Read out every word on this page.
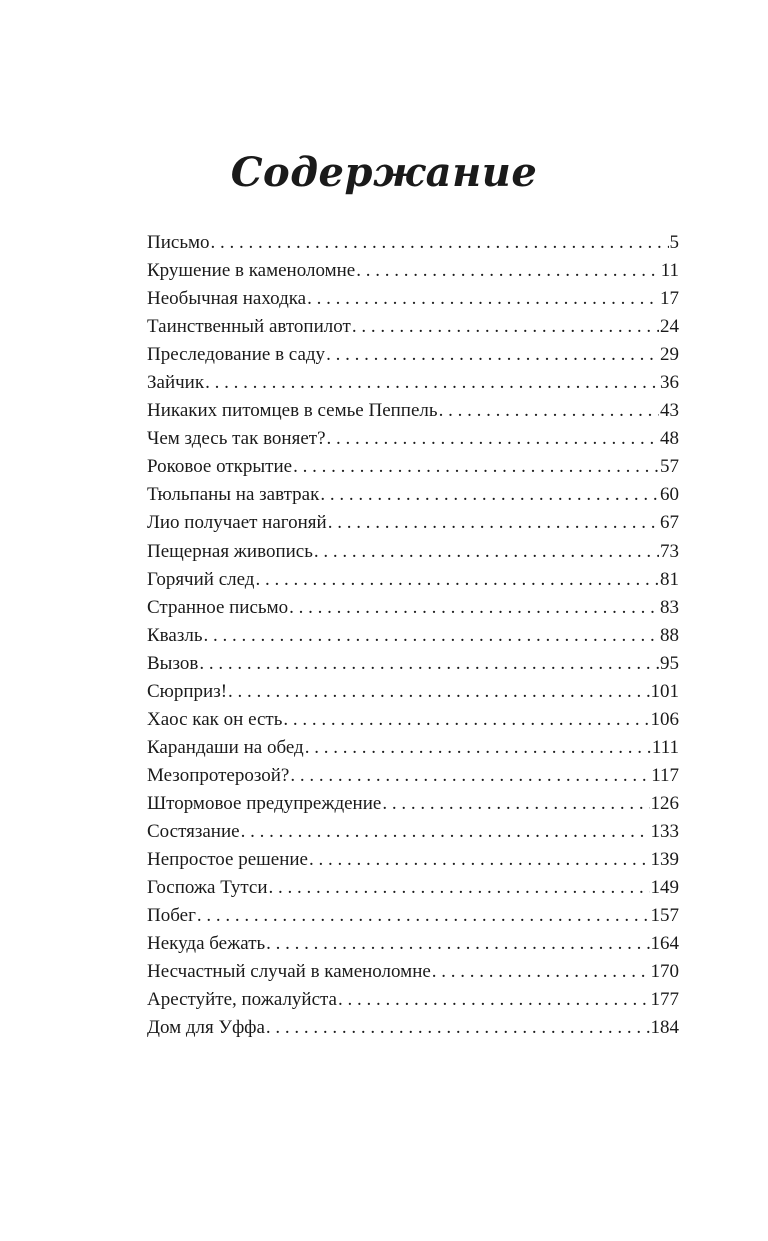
Содержание
Письмо . . .	5
Крушение в каменоломне . . .	11
Необычная находка . . .	17
Таинственный автопилот . . .	24
Преследование в саду . . .	29
Зайчик . . .	36
Никаких питомцев в семье Пеппель . . .	43
Чем здесь так воняет? . . .	48
Роковое открытие . . .	57
Тюльпаны на завтрак . . .	60
Лио получает нагоняй . . .	67
Пещерная живопись . . .	73
Горячий след . . .	81
Странное письмо . . .	83
Квазль . . .	88
Вызов . . .	95
Сюрприз! . . .	101
Хаос как он есть . . .	106
Карандаши на обед . . .	111
Мезопротерозой? . . .	117
Штормовое предупреждение . . .	126
Состязание . . .	133
Непростое решение . . .	139
Госпожа Тутси . . .	149
Побег . . .	157
Некуда бежать . . .	164
Несчастный случай в каменоломне . . .	170
Арестуйте, пожалуйста . . .	177
Дом для Уффа . . .	184
